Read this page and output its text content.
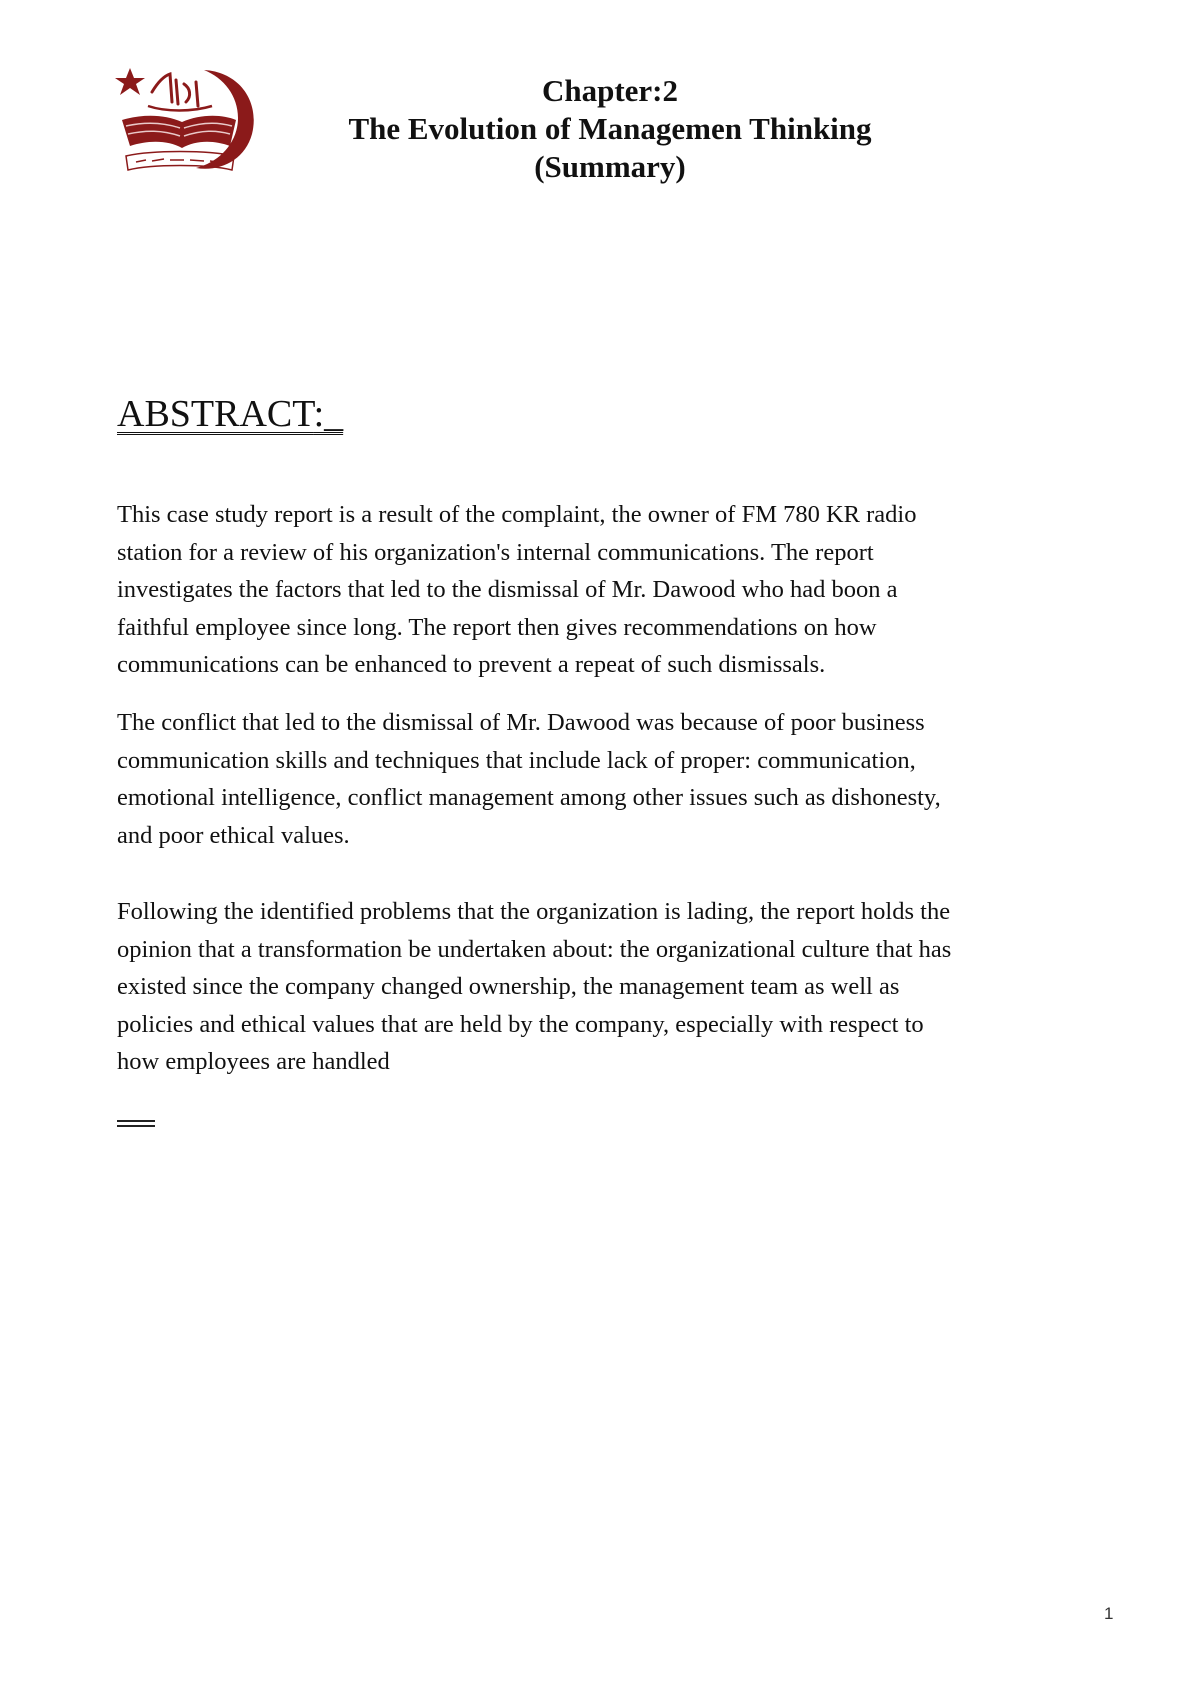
Chapter:2
The Evolution of Managemen Thinking
(Summary)
ABSTRACT:_
This case study report is a result of the complaint, the owner of FM 780 KR radio
station for a review of his organization's internal communications. The report
investigates the factors that led to the dismissal of Mr. Dawood who had boon a
faithful employee since long. The report then gives recommendations on how
communications can be enhanced to prevent a repeat of such dismissals.
The conflict that led to the dismissal of Mr. Dawood was because of poor business
communication skills and techniques that include lack of proper: communication,
emotional intelligence, conflict management among other issues such as dishonesty,
and poor ethical values.
Following the identified problems that the organization is lading, the report holds the
opinion that a transformation be undertaken about: the organizational culture that has
existed since the company changed ownership, the management team as well as
policies and ethical values that are held by the company, especially with respect to
how employees are handled
1
